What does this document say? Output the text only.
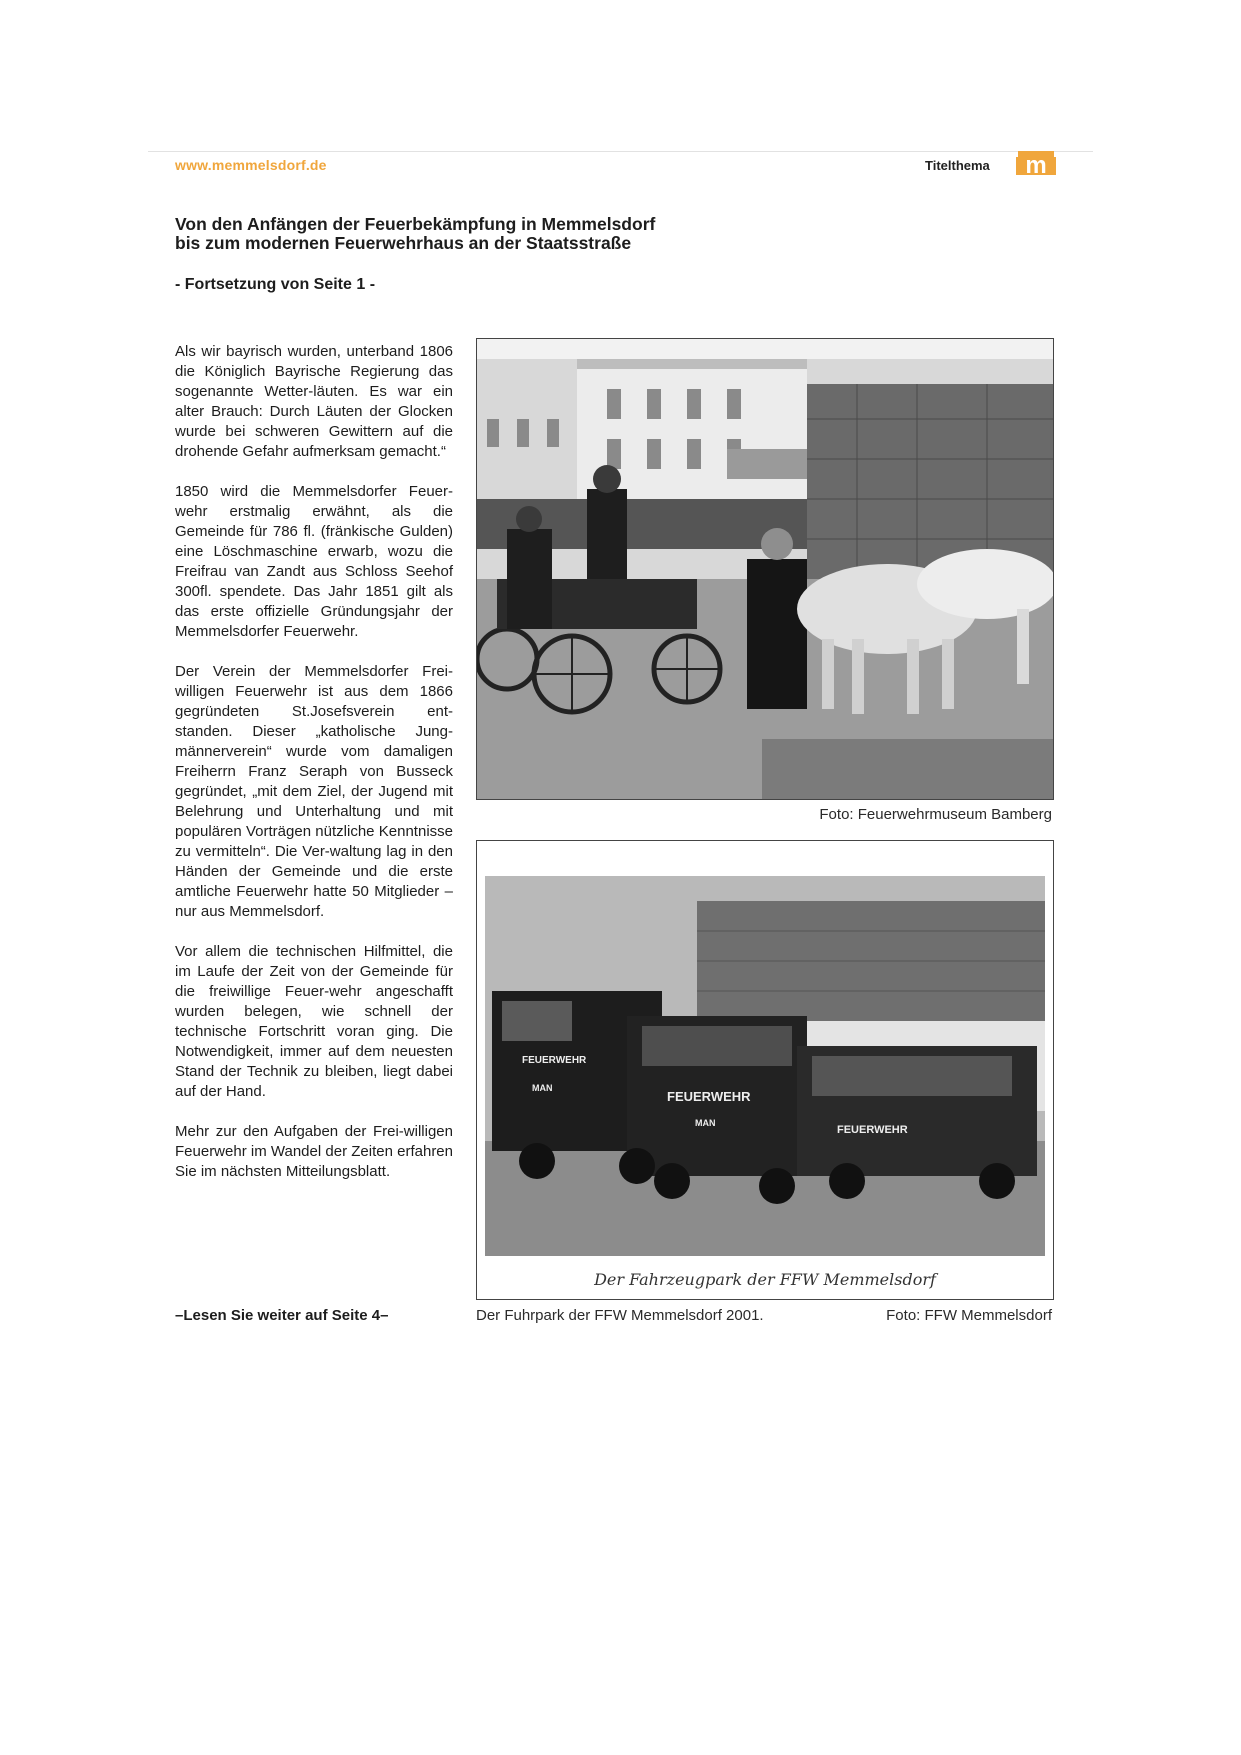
www.memmelsdorf.de	Titelthema m
Von den Anfängen der Feuerbekämpfung in Memmelsdorf
bis zum modernen Feuerwehrhaus an der Staatsstraße
- Fortsetzung von Seite 1 -

Als wir bayrisch wurden, unterband 1806 die Königlich Bayrische Regierung das sogenannte Wetter-läuten. Es war ein alter Brauch: Durch Läuten der Glocken wurde bei schweren Gewittern auf die drohende Gefahr aufmerksam gemacht.“

1850 wird die Memmelsdorfer Feuer-wehr erstmalig erwähnt, als die Gemeinde für 786 fl. (fränkische Gulden) eine Löschmaschine erwarb, wozu die Freifrau van Zandt aus Schloss Seehof 300fl. spendete. Das Jahr 1851 gilt als das erste offizielle Gründungsjahr der Memmelsdorfer Feuerwehr.

Der Verein der Memmelsdorfer Frei-willigen Feuerwehr ist aus dem 1866 gegründeten St.Josefsverein ent-standen. Dieser „katholische Jung-männerverein“ wurde vom damaligen Freiherrn Franz Seraph von Busseck gegründet, „mit dem Ziel, der Jugend mit Belehrung und Unterhaltung und mit populären Vorträgen nützliche Kenntnisse zu vermitteln“. Die Ver-waltung lag in den Händen der Gemeinde und die erste amtliche Feuerwehr hatte 50 Mitglieder – nur aus Memmelsdorf.

Vor allem die technischen Hilfmittel, die im Laufe der Zeit von der Gemeinde für die freiwillige Feuer-wehr angeschafft wurden belegen, wie schnell der technische Fortschritt voran ging. Die Notwendigkeit, immer auf dem neuesten Stand der Technik zu bleiben, liegt dabei auf der Hand.

Mehr zur den Aufgaben der Frei-willigen Feuerwehr im Wandel der Zeiten erfahren Sie im nächsten Mitteilungsblatt.

–Lesen Sie weiter auf Seite 4–
Foto: Feuerwehrmuseum Bamberg
FEUERWEHR
MAN
FEUERWEHR
MAN
FEUERWEHR
Der Fahrzeugpark der FFW Memmelsdorf
Der Fuhrpark der FFW Memmelsdorf 2001.	Foto: FFW Memmelsdorf
